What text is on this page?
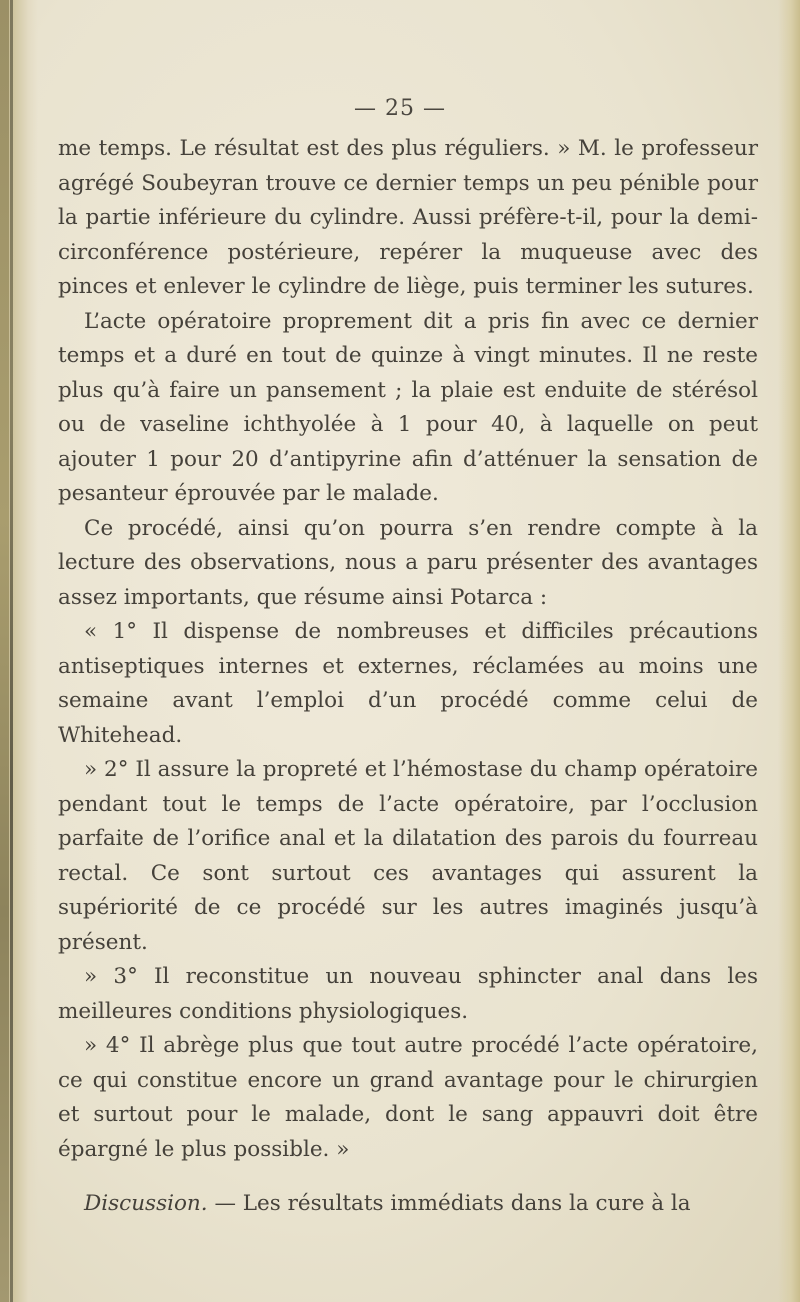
— 25 —

me temps. Le résultat est des plus réguliers. » M. le professeur agrégé Soubeyran trouve ce dernier temps un peu pénible pour la partie inférieure du cylindre. Aussi préfère-t-il, pour la demi-circonférence postérieure, repérer la muqueuse avec des pinces et enlever le cylindre de liège, puis terminer les sutures.

L’acte opératoire proprement dit a pris fin avec ce dernier temps et a duré en tout de quinze à vingt minutes. Il ne reste plus qu’à faire un pansement ; la plaie est enduite de stérésol ou de vaseline ichthyolée à 1 pour 40, à laquelle on peut ajouter 1 pour 20 d’antipyrine afin d’atténuer la sensation de pesanteur éprouvée par le malade.

Ce procédé, ainsi qu’on pourra s’en rendre compte à la lecture des observations, nous a paru présenter des avantages assez importants, que résume ainsi Potarca :

« 1° Il dispense de nombreuses et difficiles précautions antiseptiques internes et externes, réclamées au moins une semaine avant l’emploi d’un procédé comme celui de Whitehead.

» 2° Il assure la propreté et l’hémostase du champ opératoire pendant tout le temps de l’acte opératoire, par l’occlusion parfaite de l’orifice anal et la dilatation des parois du fourreau rectal. Ce sont surtout ces avantages qui assurent la supériorité de ce procédé sur les autres imaginés jusqu’à présent.

» 3° Il reconstitue un nouveau sphincter anal dans les meilleures conditions physiologiques.

» 4° Il abrège plus que tout autre procédé l’acte opératoire, ce qui constitue encore un grand avantage pour le chirurgien et surtout pour le malade, dont le sang appauvri doit être épargné le plus possible. »

Discussion. — Les résultats immédiats dans la cure à la
